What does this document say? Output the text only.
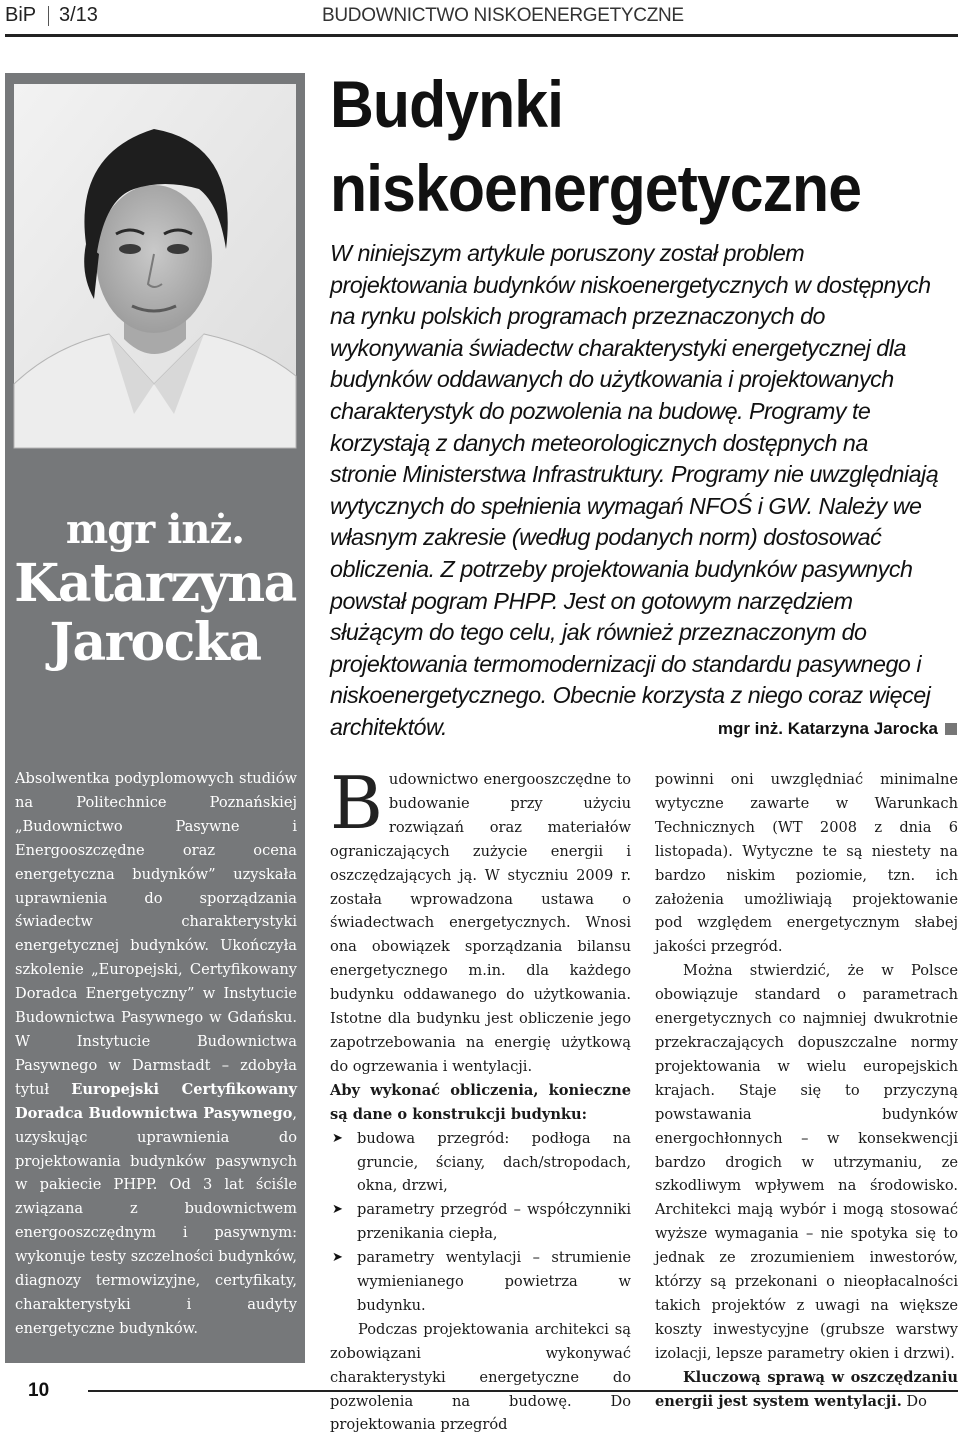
BiP 3/13	BUDOWNICTWO NISKOENERGETYCZNE
mgr inż.
Katarzyna
Jarocka
Absolwentka podyplomowych studiów na Politechnice Poznańskiej „Budownictwo Pasywne i Energooszczędne oraz ocena energetyczna budynków” uzyskała uprawnienia do sporządzania świadectw charakterystyki energetycznej budynków. Ukończyła szkolenie „Europejski, Certyfikowany Doradca Energetyczny” w Instytucie Budownictwa Pasywnego w Gdańsku. W Instytucie Budownictwa Pasywnego w Darmstadt – zdobyła tytuł Europejski Certyfikowany Doradca Budownictwa Pasywnego, uzyskując uprawnienia do projektowania budynków pasywnych w pakiecie PHPP. Od 3 lat ściśle związana z budownictwem energooszczędnym i pasywnym: wykonuje testy szczelności budynków, diagnozy termowizyjne, certyfikaty, charakterystyki i audyty energetyczne budynków.
Budynki
niskoenergetyczne
W niniejszym artykule poruszony został problem projektowania budynków niskoenergetycznych w dostępnych na rynku polskich programach przeznaczonych do wykonywania świadectw charakterystyki energetycznej dla budynków oddawanych do użytkowania i projektowanych charakterystyk do pozwolenia na budowę. Programy te korzystają z danych meteorologicznych dostępnych na stronie Ministerstwa Infrastruktury. Programy nie uwzględniają wytycznych do spełnienia wymagań NFOŚ i GW. Należy we własnym zakresie (według podanych norm) dostosować obliczenia. Z potrzeby projektowania budynków pasywnych powstał pogram PHPP. Jest on gotowym narzędziem służącym do tego celu, jak również przeznaczonym do projektowania termomodernizacji do standardu pasywnego i niskoenergetycznego. Obecnie korzysta z niego coraz więcej architektów.	mgr inż. Katarzyna Jarocka

Budownictwo energooszczędne to budowanie przy użyciu rozwiązań oraz materiałów ograniczających zużycie energii i oszczędzających ją. W styczniu 2009 r. została wprowadzona ustawa o świadectwach energetycznych. Wnosi ona obowiązek sporządzania bilansu energetycznego m.in. dla każdego budynku oddawanego do użytkowania. Istotne dla budynku jest obliczenie jego zapotrzebowania na energię użytkową do ogrzewania i wentylacji.

Aby wykonać obliczenia, konieczne są dane o konstrukcji budynku:

➤ budowa przegród: podłoga na gruncie, ściany, dach/stropodach, okna, drzwi,
➤ parametry przegród – współczynniki przenikania ciepła,
➤ parametry wentylacji – strumienie wymienianego powietrza w budynku.

Podczas projektowania architekci są zobowiązani wykonywać charakterystyki energetyczne do pozwolenia na budowę. Do projektowania przegród

powinni oni uwzględniać minimalne wytyczne zawarte w Warunkach Technicznych (WT 2008 z dnia 6 listopada). Wytyczne te są niestety na bardzo niskim poziomie, tzn. ich założenia umożliwiają projektowanie pod względem energetycznym słabej jakości przegród.

Można stwierdzić, że w Polsce obowiązuje standard o parametrach energetycznych co najmniej dwukrotnie przekraczających dopuszczalne normy projektowania w wielu europejskich krajach. Staje się to przyczyną powstawania budynków energochłonnych – w konsekwencji bardzo drogich w utrzymaniu, ze szkodliwym wpływem na środowisko. Architekci mają wybór i mogą stosować wyższe wymagania – nie spotyka się to jednak ze zrozumieniem inwestorów, którzy są przekonani o nieopłacalności takich projektów z uwagi na większe koszty inwestycyjne (grubsze warstwy izolacji, lepsze parametry okien i drzwi).

Kluczową sprawą w oszczędzaniu energii jest system wentylacji. Do

10
